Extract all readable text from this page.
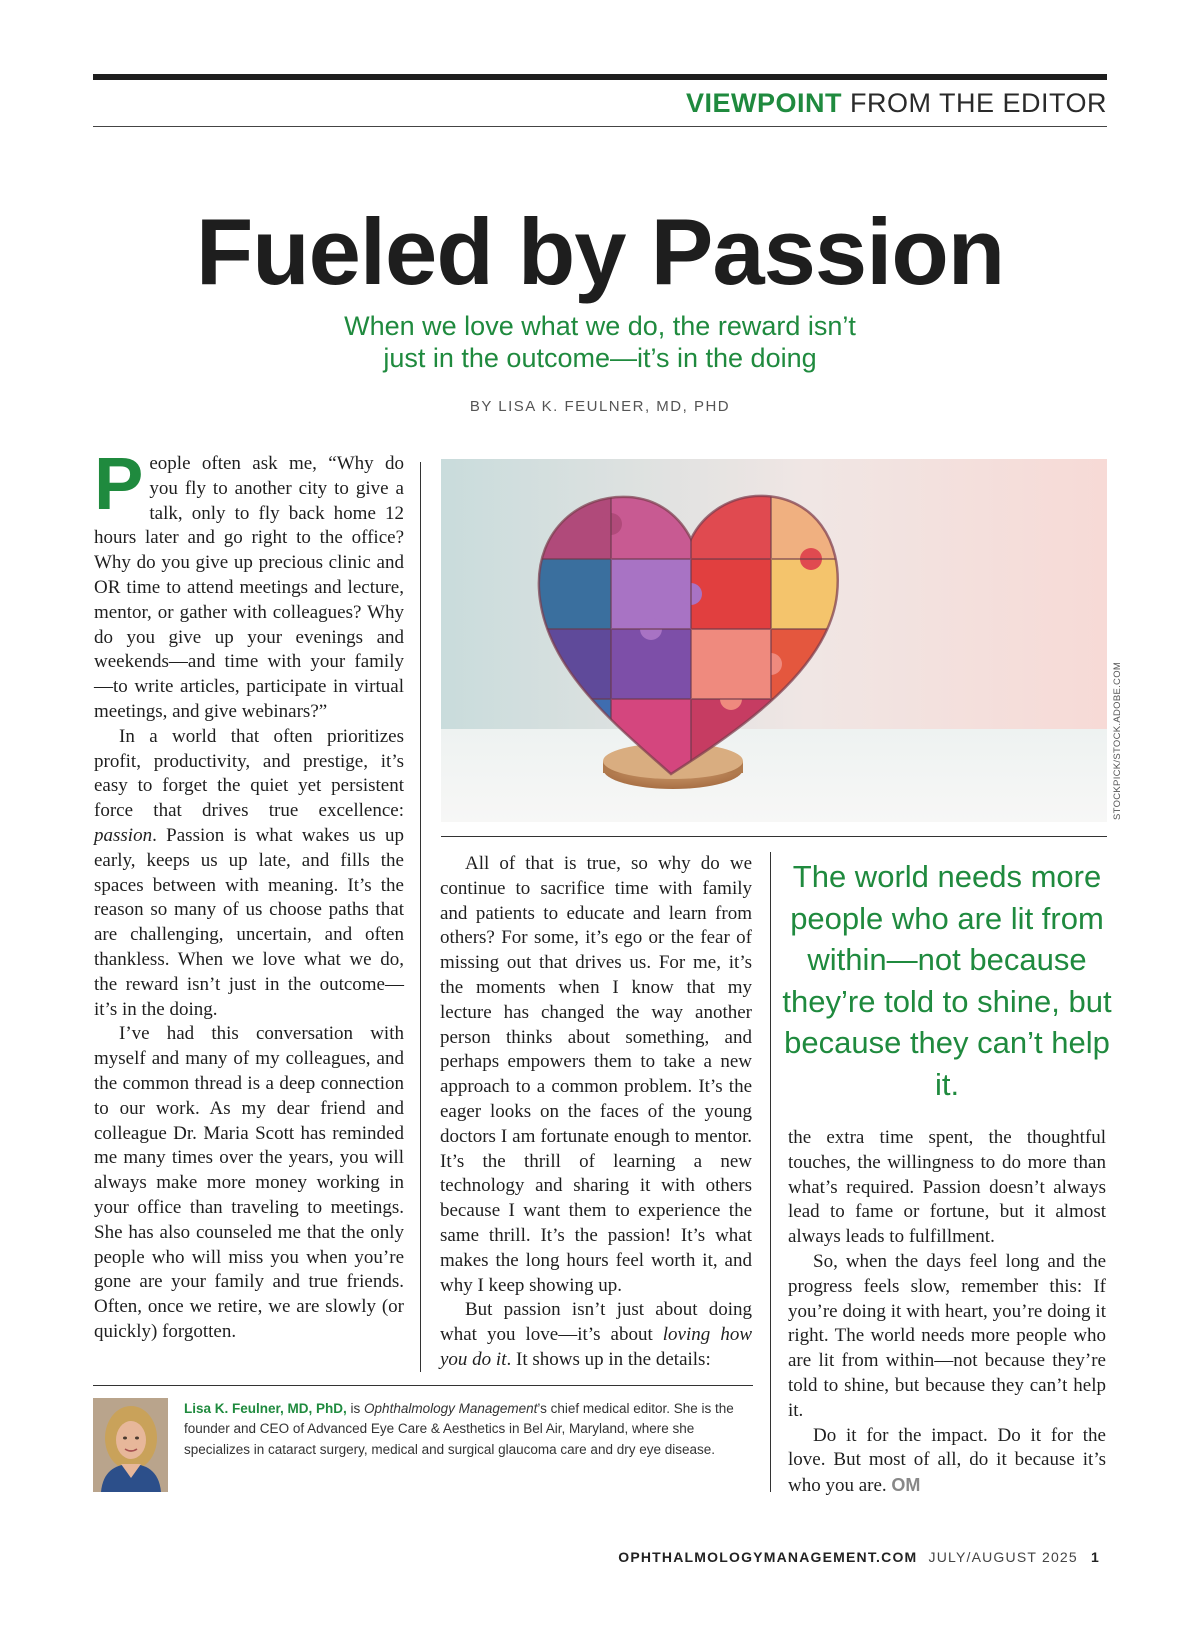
VIEWPOINT FROM THE EDITOR
Fueled by Passion
When we love what we do, the reward isn’t
just in the outcome—it’s in the doing
BY LISA K. FEULNER, MD, PHD

People often ask me, “Why do you fly to another city to give a talk, only to fly back home 12 hours later and go right to the office? Why do you give up precious clinic and OR time to attend meetings and lecture, mentor, or gather with colleagues? Why do you give up your evenings and weekends—and time with your family—to write articles, participate in virtual meetings, and give webinars?”

In a world that often prioritizes profit, productivity, and prestige, it’s easy to forget the quiet yet persistent force that drives true excellence: passion. Passion is what wakes us up early, keeps us up late, and fills the spaces between with meaning. It’s the reason so many of us choose paths that are challenging, uncertain, and often thankless. When we love what we do, the reward isn’t just in the outcome—it’s in the doing.

I’ve had this conversation with myself and many of my colleagues, and the common thread is a deep connection to our work. As my dear friend and colleague Dr. Maria Scott has reminded me many times over the years, you will always make more money working in your office than traveling to meetings. She has also counseled me that the only people who will miss you when you’re gone are your family and true friends. Often, once we retire, we are slowly (or quickly) forgotten.

STOCKPICK/STOCK.ADOBE.COM

All of that is true, so why do we continue to sacrifice time with family and patients to educate and learn from others? For some, it’s ego or the fear of missing out that drives us. For me, it’s the moments when I know that my lecture has changed the way another person thinks about something, and perhaps empowers them to take a new approach to a common problem. It’s the eager looks on the faces of the young doctors I am fortunate enough to mentor. It’s the thrill of learning a new technology and sharing it with others because I want them to experience the same thrill. It’s the passion! It’s what makes the long hours feel worth it, and why I keep showing up.

But passion isn’t just about doing what you love—it’s about loving how you do it. It shows up in the details:

The world needs more people who are lit from within—not because they’re told to shine, but because they can’t help it.

the extra time spent, the thoughtful touches, the willingness to do more than what’s required. Passion doesn’t always lead to fame or fortune, but it almost always leads to fulfillment.

So, when the days feel long and the progress feels slow, remember this: If you’re doing it with heart, you’re doing it right. The world needs more people who are lit from within—not because they’re told to shine, but because they can’t help it.

Do it for the impact. Do it for the love. But most of all, do it because it’s who you are. OM

Lisa K. Feulner, MD, PhD, is Ophthalmology Management’s chief medical editor. She is the founder and CEO of Advanced Eye Care & Aesthetics in Bel Air, Maryland, where she specializes in cataract surgery, medical and surgical glaucoma care and dry eye disease.
OPHTHALMOLOGYMANAGEMENT.COM JULY/AUGUST 2025 1
